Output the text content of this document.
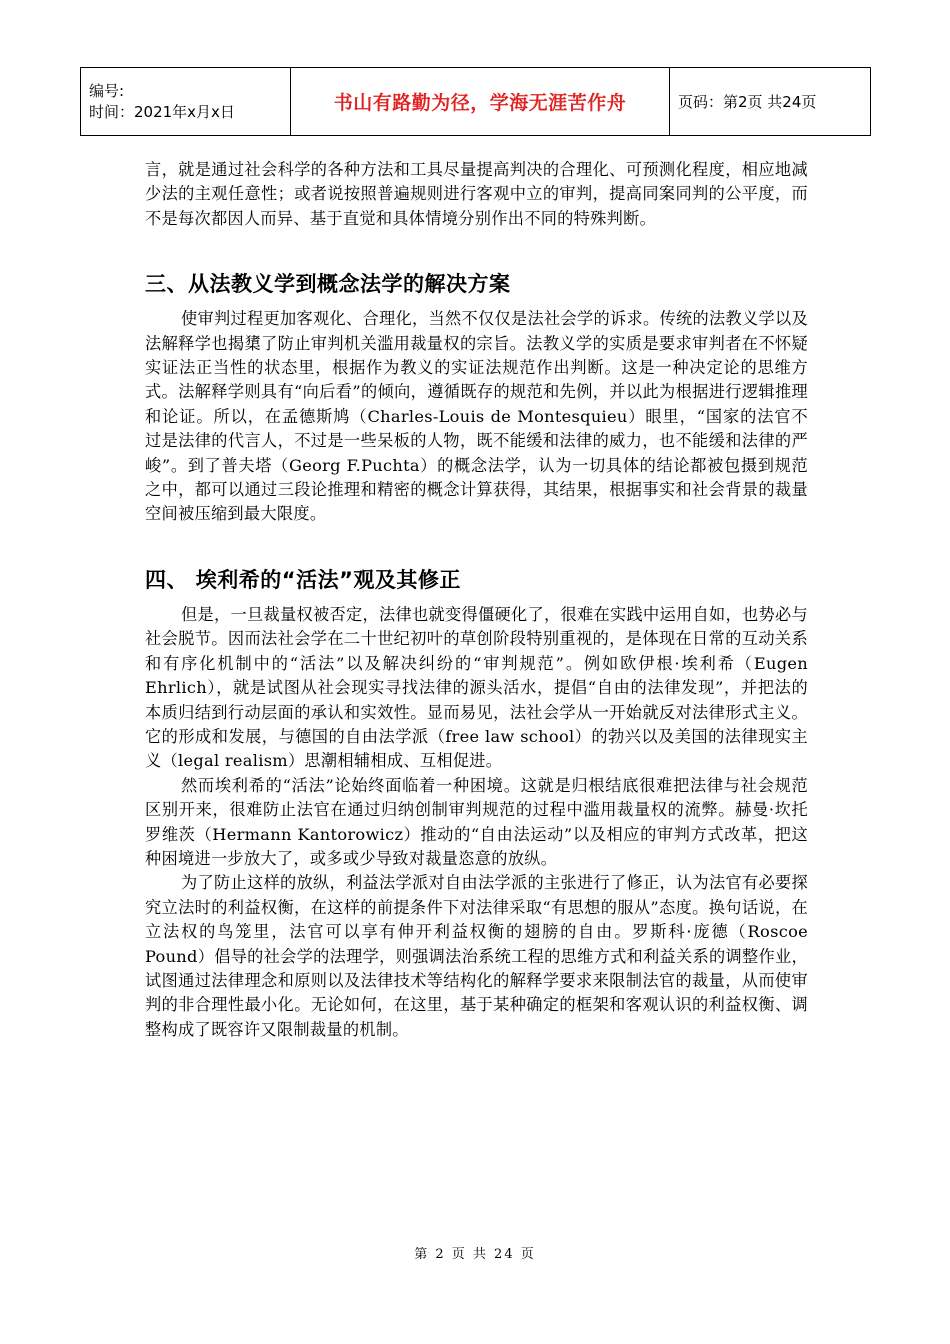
编号:
时间：2021年x月x日	书山有路勤为径，学海无涯苦作舟	页码：第2页 共24页

言，就是通过社会科学的各种方法和工具尽量提高判决的合理化、可预测化程度，相应地减少法的主观任意性；或者说按照普遍规则进行客观中立的审判，提高同案同判的公平度，而不是每次都因人而异、基于直觉和具体情境分别作出不同的特殊判断。

三、从法教义学到概念法学的解决方案

使审判过程更加客观化、合理化，当然不仅仅是法社会学的诉求。传统的法教义学以及法解释学也揭橥了防止审判机关滥用裁量权的宗旨。法教义学的实质是要求审判者在不怀疑实证法正当性的状态里，根据作为教义的实证法规范作出判断。这是一种决定论的思维方式。法解释学则具有“向后看”的倾向，遵循既存的规范和先例，并以此为根据进行逻辑推理和论证。所以，在孟德斯鸠（Charles-Louis de Montesquieu）眼里，“国家的法官不过是法律的代言人，不过是一些呆板的人物，既不能缓和法律的威力，也不能缓和法律的严峻”。到了普夫塔（Georg F.Puchta）的概念法学，认为一切具体的结论都被包摄到规范之中，都可以通过三段论推理和精密的概念计算获得，其结果，根据事实和社会背景的裁量空间被压缩到最大限度。

四、 埃利希的“活法”观及其修正

但是，一旦裁量权被否定，法律也就变得僵硬化了，很难在实践中运用自如，也势必与社会脱节。因而法社会学在二十世纪初叶的草创阶段特别重视的，是体现在日常的互动关系和有序化机制中的“活法”以及解决纠纷的“审判规范”。例如欧伊根·埃利希（Eugen Ehrlich），就是试图从社会现实寻找法律的源头活水，提倡“自由的法律发现”，并把法的本质归结到行动层面的承认和实效性。显而易见，法社会学从一开始就反对法律形式主义。它的形成和发展，与德国的自由法学派（free law school）的勃兴以及美国的法律现实主义（legal realism）思潮相辅相成、互相促进。

然而埃利希的“活法”论始终面临着一种困境。这就是归根结底很难把法律与社会规范区别开来，很难防止法官在通过归纳创制审判规范的过程中滥用裁量权的流弊。赫曼·坎托罗维茨（Hermann Kantorowicz）推动的“自由法运动”以及相应的审判方式改革，把这种困境进一步放大了，或多或少导致对裁量恣意的放纵。

为了防止这样的放纵，利益法学派对自由法学派的主张进行了修正，认为法官有必要探究立法时的利益权衡，在这样的前提条件下对法律采取“有思想的服从”态度。换句话说，在立法权的鸟笼里，法官可以享有伸开利益权衡的翅膀的自由。罗斯科·庞德（Roscoe Pound）倡导的社会学的法理学，则强调法治系统工程的思维方式和利益关系的调整作业，试图通过法律理念和原则以及法律技术等结构化的解释学要求来限制法官的裁量，从而使审判的非合理性最小化。无论如何，在这里，基于某种确定的框架和客观认识的利益权衡、调整构成了既容许又限制裁量的机制。

第 2 页 共 24 页
